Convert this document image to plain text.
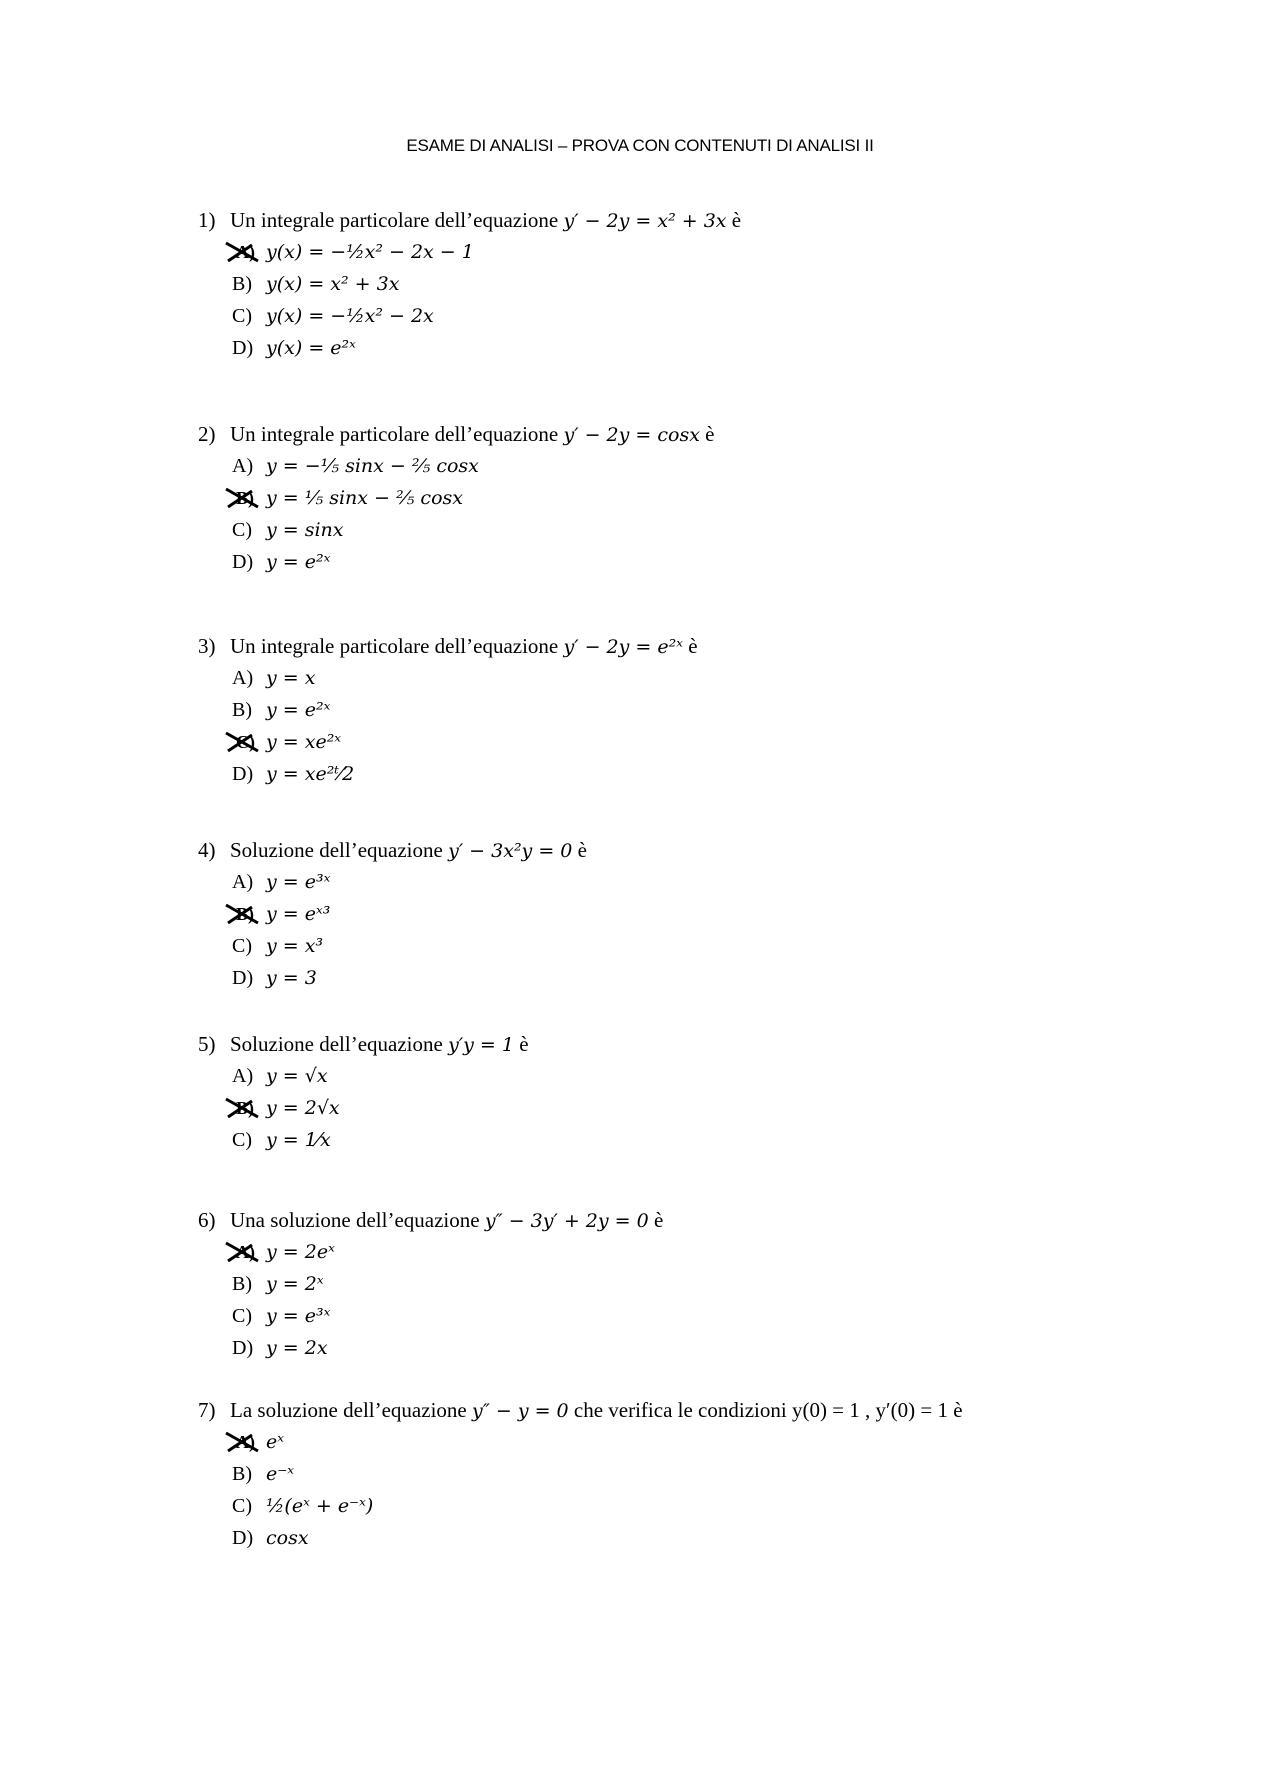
ESAME DI ANALISI – PROVA CON CONTENUTI DI ANALISI II
1) Un integrale particolare dell’equazione y′ − 2y = x² + 3x è
A) y(x) = −½x² − 2x − 1
B) y(x) = x² + 3x
C) y(x) = −½x² − 2x
D) y(x) = e²ˣ
2) Un integrale particolare dell’equazione y′ − 2y = cosx è
A) y = −⅕ sinx − ⅖ cosx
B) y = ⅕ sinx − ⅖ cosx
C) y = sinx
D) y = e²ˣ
3) Un integrale particolare dell’equazione y′ − 2y = e²ˣ è
A) y = x
B) y = e²ˣ
C) y = xe²ˣ
D) y = xe²ᵗ⁄2
4) Soluzione dell’equazione y′ − 3x²y = 0 è
A) y = e³ˣ
B) y = eˣ³
C) y = x³
D) y = 3
5) Soluzione dell’equazione y′y = 1 è
A) y = √x
B) y = 2√x
C) y = 1⁄x
6) Una soluzione dell’equazione y″ − 3y′ + 2y = 0 è
A) y = 2eˣ
B) y = 2ˣ
C) y = e³ˣ
D) y = 2x
7) La soluzione dell’equazione y″ − y = 0 che verifica le condizioni y(0) = 1 , y′(0) = 1 è
A) eˣ
B) e⁻ˣ
C) ½(eˣ + e⁻ˣ)
D) cosx
